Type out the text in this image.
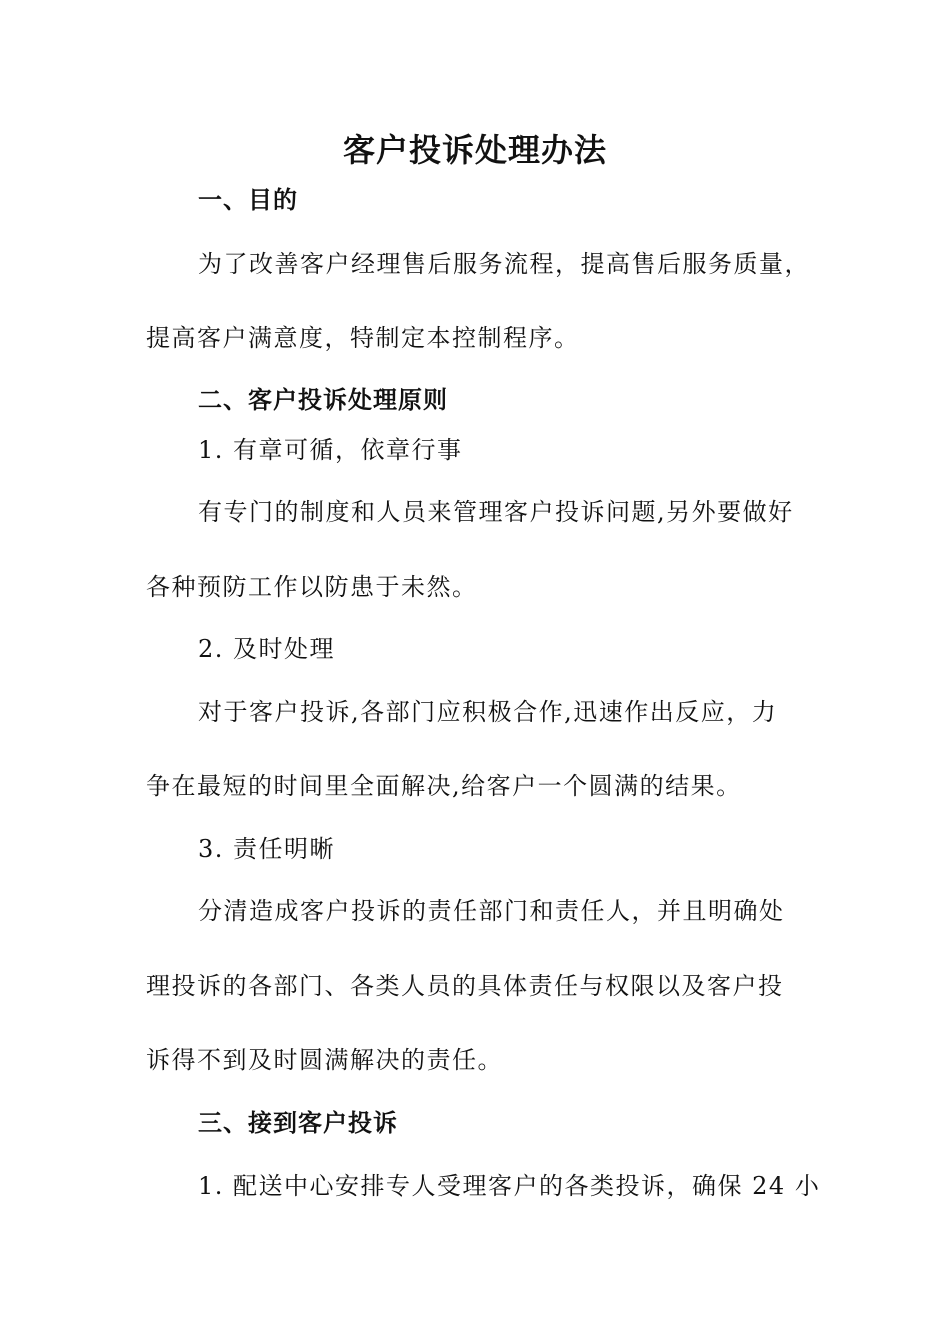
客户投诉处理办法
一、目的
为了改善客户经理售后服务流程，提高售后服务质量，
提高客户满意度，特制定本控制程序。
二、客户投诉处理原则
1. 有章可循，依章行事
有专门的制度和人员来管理客户投诉问题,另外要做好
各种预防工作以防患于未然。
2. 及时处理
对于客户投诉,各部门应积极合作,迅速作出反应，力
争在最短的时间里全面解决,给客户一个圆满的结果。
3. 责任明晰
分清造成客户投诉的责任部门和责任人，并且明确处
理投诉的各部门、各类人员的具体责任与权限以及客户投
诉得不到及时圆满解决的责任。
三、接到客户投诉
1. 配送中心安排专人受理客户的各类投诉，确保 24 小
